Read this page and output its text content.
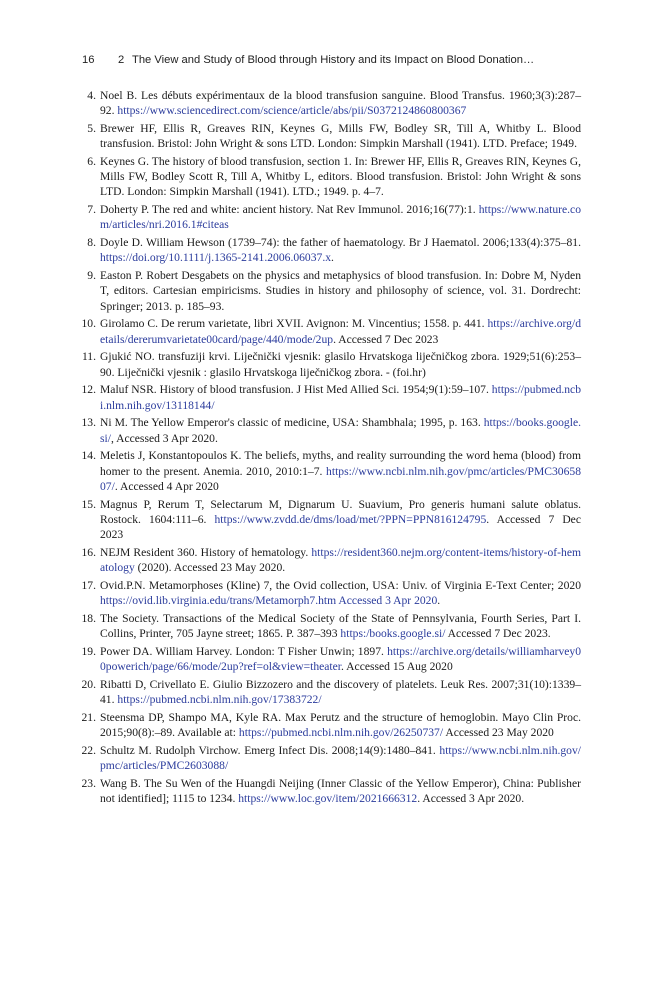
16 2 The View and Study of Blood through History and its Impact on Blood Donation…
4. Noel B. Les débuts expérimentaux de la blood transfusion sanguine. Blood Transfus. 1960;3(3):287–92. https://www.sciencedirect.com/science/article/abs/pii/S0372124860800367
5. Brewer HF, Ellis R, Greaves RIN, Keynes G, Mills FW, Bodley SR, Till A, Whitby L. Blood transfusion. Bristol: John Wright & sons LTD. London: Simpkin Marshall (1941). LTD. Preface; 1949.
6. Keynes G. The history of blood transfusion, section 1. In: Brewer HF, Ellis R, Greaves RIN, Keynes G, Mills FW, Bodley Scott R, Till A, Whitby L, editors. Blood transfusion. Bristol: John Wright & sons LTD. London: Simpkin Marshall (1941). LTD.; 1949. p. 4–7.
7. Doherty P. The red and white: ancient history. Nat Rev Immunol. 2016;16(77):1. https://www.nature.com/articles/nri.2016.1#citeas
8. Doyle D. William Hewson (1739–74): the father of haematology. Br J Haematol. 2006;133(4):375–81. https://doi.org/10.1111/j.1365-2141.2006.06037.x.
9. Easton P. Robert Desgabets on the physics and metaphysics of blood transfusion. In: Dobre M, Nyden T, editors. Cartesian empiricisms. Studies in history and philosophy of science, vol. 31. Dordrecht: Springer; 2013. p. 185–93.
10. Girolamo C. De rerum varietate, libri XVII. Avignon: M. Vincentius; 1558. p. 441. https://archive.org/details/dererumvarietate00card/page/440/mode/2up. Accessed 7 Dec 2023
11. Gjukić NO. transfuziji krvi. Liječnički vjesnik: glasilo Hrvatskoga liječničkog zbora. 1929;51(6):253–90. Liječnički vjesnik : glasilo Hrvatskoga liječničkog zbora. - (foi.hr)
12. Maluf NSR. History of blood transfusion. J Hist Med Allied Sci. 1954;9(1):59–107. https://pubmed.ncbi.nlm.nih.gov/13118144/
13. Ni M. The Yellow Emperor's classic of medicine, USA: Shambhala; 1995, p. 163. https://books.google.si/, Accessed 3 Apr 2020.
14. Meletis J, Konstantopoulos K. The beliefs, myths, and reality surrounding the word hema (blood) from homer to the present. Anemia. 2010, 2010:1–7. https://www.ncbi.nlm.nih.gov/pmc/articles/PMC3065807/. Accessed 4 Apr 2020
15. Magnus P, Rerum T, Selectarum M, Dignarum U. Suavium, Pro generis humani salute oblatus. Rostock. 1604:111–6. https://www.zvdd.de/dms/load/met/?PPN=PPN816124795. Accessed 7 Dec 2023
16. NEJM Resident 360. History of hematology. https://resident360.nejm.org/content-items/history-of-hematology (2020). Accessed 23 May 2020.
17. Ovid.P.N. Metamorphoses (Kline) 7, the Ovid collection, USA: Univ. of Virginia E-Text Center; 2020 https://ovid.lib.virginia.edu/trans/Metamorph7.htm Accessed 3 Apr 2020.
18. The Society. Transactions of the Medical Society of the State of Pennsylvania, Fourth Series, Part I. Collins, Printer, 705 Jayne street; 1865. P. 387–393 https:/books.google.si/ Accessed 7 Dec 2023.
19. Power DA. William Harvey. London: T Fisher Unwin; 1897. https://archive.org/details/williamharvey00powerich/page/66/mode/2up?ref=ol&view=theater. Accessed 15 Aug 2020
20. Ribatti D, Crivellato E. Giulio Bizzozero and the discovery of platelets. Leuk Res. 2007;31(10):1339–41. https://pubmed.ncbi.nlm.nih.gov/17383722/
21. Steensma DP, Shampo MA, Kyle RA. Max Perutz and the structure of hemoglobin. Mayo Clin Proc. 2015;90(8):–89. Available at: https://pubmed.ncbi.nlm.nih.gov/26250737/ Accessed 23 May 2020
22. Schultz M. Rudolph Virchow. Emerg Infect Dis. 2008;14(9):1480–841. https://www.ncbi.nlm.nih.gov/pmc/articles/PMC2603088/
23. Wang B. The Su Wen of the Huangdi Neijing (Inner Classic of the Yellow Emperor), China: Publisher not identified]; 1115 to 1234. https://www.loc.gov/item/2021666312. Accessed 3 Apr 2020.
